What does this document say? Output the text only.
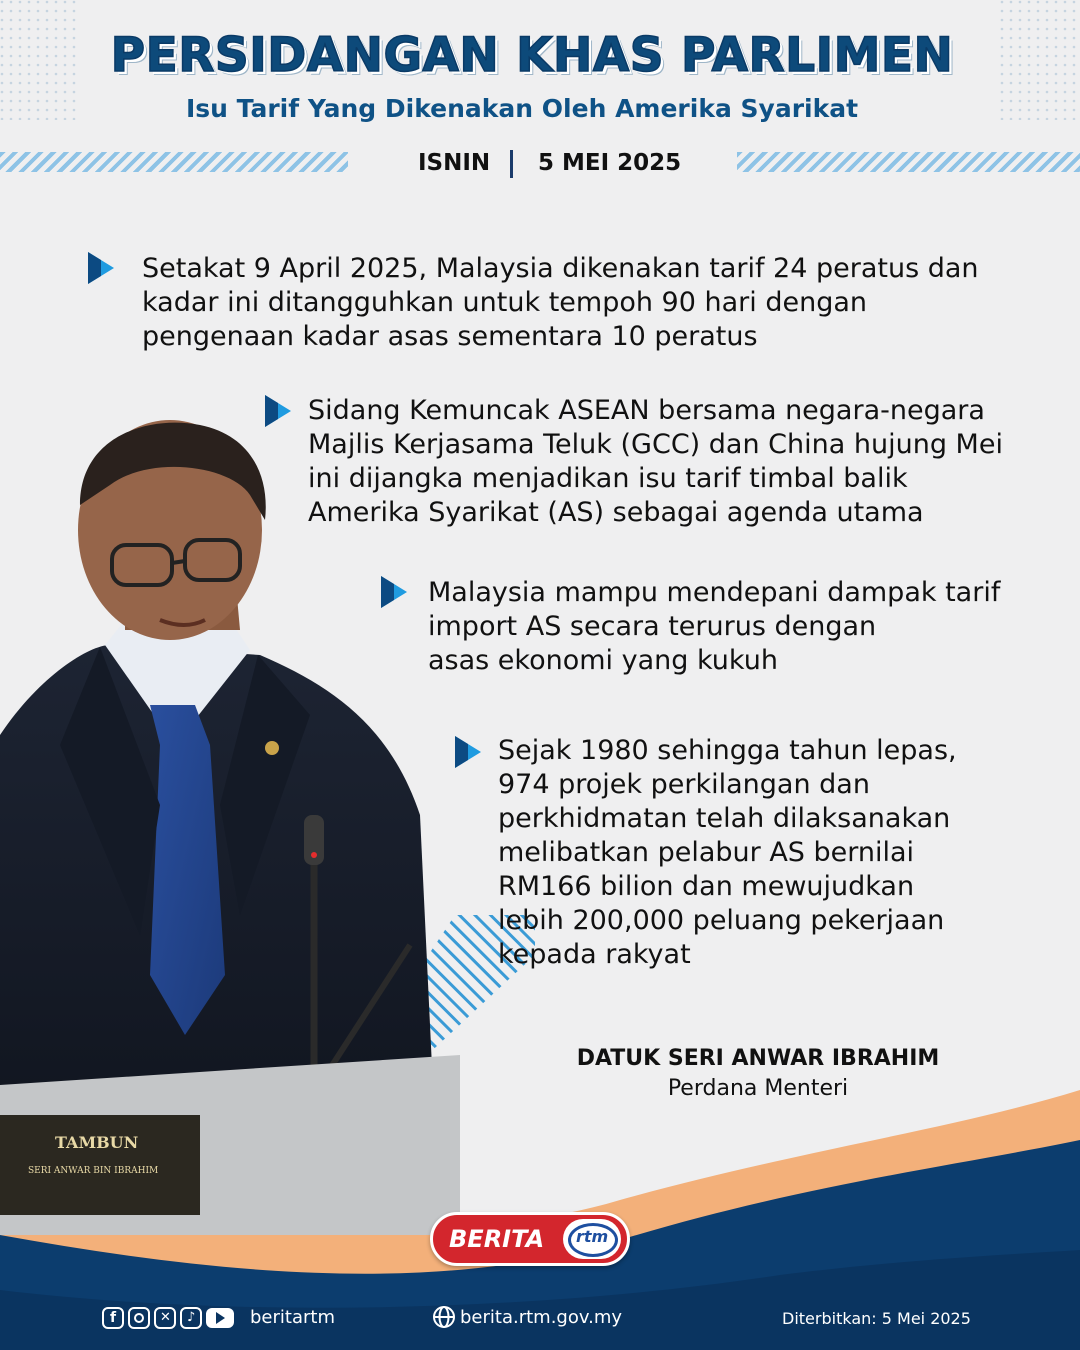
PERSIDANGAN KHAS PARLIMEN
Isu Tarif Yang Dikenakan Oleh Amerika Syarikat
ISNIN 5 MEI 2025
TAMBUN
SERI ANWAR BIN IBRAHIM
Setakat 9 April 2025, Malaysia dikenakan tarif 24 peratus dan
kadar ini ditangguhkan untuk tempoh 90 hari dengan
pengenaan kadar asas sementara 10 peratus
Sidang Kemuncak ASEAN bersama negara-negara
Majlis Kerjasama Teluk (GCC) dan China hujung Mei
ini dijangka menjadikan isu tarif timbal balik
Amerika Syarikat (AS) sebagai agenda utama
Malaysia mampu mendepani dampak tarif
import AS secara terurus dengan
asas ekonomi yang kukuh
Sejak 1980 sehingga tahun lepas,
974 projek perkilangan dan
perkhidmatan telah dilaksanakan
melibatkan pelabur AS bernilai
RM166 bilion dan mewujudkan
lebih 200,000 peluang pekerjaan
kepada rakyat
DATUK SERI ANWAR IBRAHIM
Perdana Menteri
BERITA rtm
f	✕ ♪	beritartm	berita.rtm.gov.my	Diterbitkan: 5 Mei 2025
